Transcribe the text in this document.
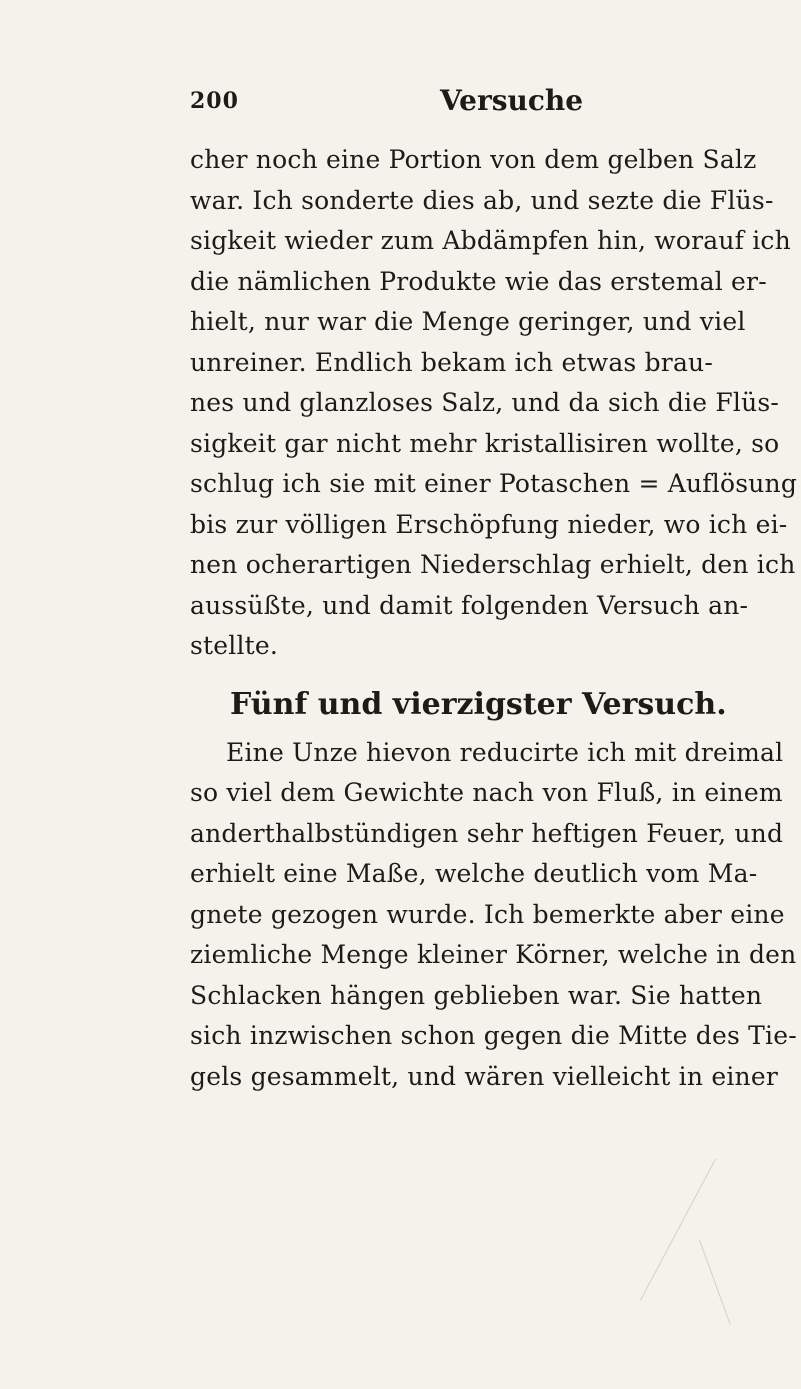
200	Versuche
cher noch eine Portion von dem gelben Salz
war. Ich sonderte dies ab, und sezte die Flüs-
sigkeit wieder zum Abdämpfen hin, worauf ich
die nämlichen Produkte wie das erstemal er-
hielt, nur war die Menge geringer, und viel
unreiner. Endlich bekam ich etwas brau-
nes und glanzloses Salz, und da sich die Flüs-
sigkeit gar nicht mehr kristallisiren wollte, so
schlug ich sie mit einer Potaschen = Auflösung
bis zur völligen Erschöpfung nieder, wo ich ei-
nen ocherartigen Niederschlag erhielt, den ich
aussüßte, und damit folgenden Versuch an-
stellte.
Fünf und vierzigster Versuch.
Eine Unze hievon reducirte ich mit dreimal
so viel dem Gewichte nach von Fluß, in einem
anderthalbstündigen sehr heftigen Feuer, und
erhielt eine Maße, welche deutlich vom Ma-
gnete gezogen wurde. Ich bemerkte aber eine
ziemliche Menge kleiner Körner, welche in den
Schlacken hängen geblieben war. Sie hatten
sich inzwischen schon gegen die Mitte des Tie-
gels gesammelt, und wären vielleicht in einer
